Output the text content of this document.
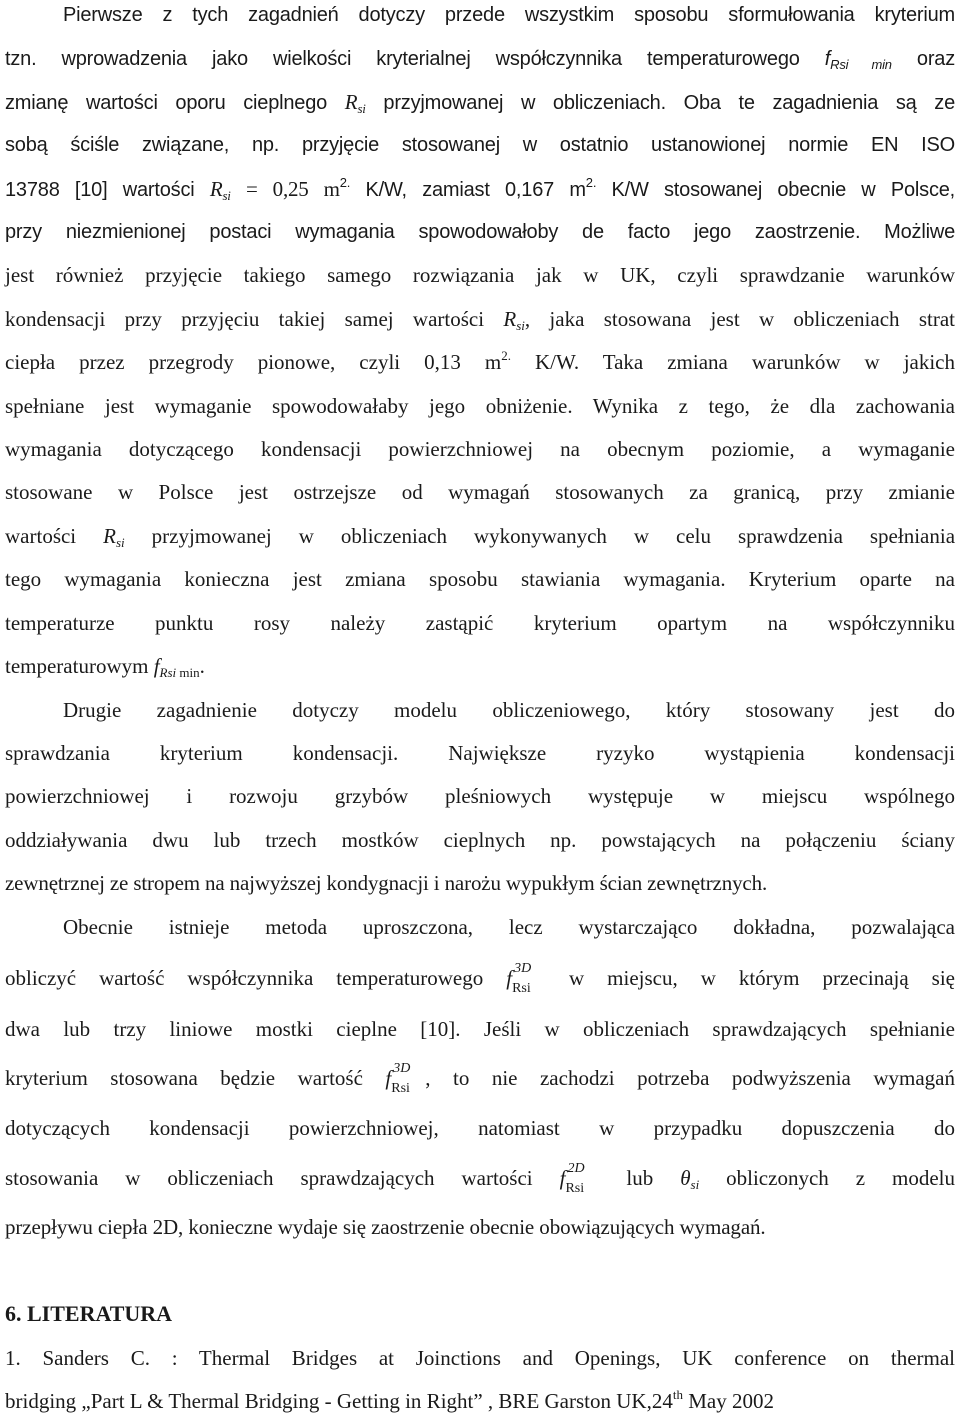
Pierwsze z tych zagadnień dotyczy przede wszystkim sposobu sformułowania kryterium
tzn. wprowadzenia jako wielkości kryterialnej współczynnika temperaturowego $f_{Rsi min}$ oraz
zmianę wartości oporu cieplnego $R_{si}$ przyjmowanej w obliczeniach. Oba te zagadnienia są ze
sobą ściśle związane, np. przyjęcie stosowanej w ostatnio ustanowionej normie EN ISO
13788 [10] wartości $R_{si} = 0,25$ $m^{2.}$ K/W, zamiast 0,167 $m^{2.}$ K/W stosowanej obecnie w Polsce,
przy niezmienionej postaci wymagania spowodowałoby de facto jego zaostrzenie. Możliwe
jest również przyjęcie takiego samego rozwiązania jak w UK, czyli sprawdzanie warunków
kondensacji przy przyjęciu takiej samej wartości $R_{si}$, jaka stosowana jest w obliczeniach strat
ciepła przez przegrody pionowe, czyli 0,13 $m^{2.}$ K/W. Taka zmiana warunków w jakich
spełniane jest wymaganie spowodowałaby jego obniżenie. Wynika z tego, że dla zachowania
wymagania dotyczącego kondensacji powierzchniowej na obecnym poziomie, a wymaganie
stosowane w Polsce jest ostrzejsze od wymagań stosowanych za granicą, przy zmianie
wartości $R_{si}$ przyjmowanej w obliczeniach wykonywanych w celu sprawdzenia spełniania
tego wymagania konieczna jest zmiana sposobu stawiania wymagania. Kryterium oparte na
temperaturze punktu rosy należy zastąpić kryterium opartym na współczynniku
temperaturowym $f_{Rsi min}$.
Drugie zagadnienie dotyczy modelu obliczeniowego, który stosowany jest do
sprawdzania kryterium kondensacji. Największe ryzyko wystąpienia kondensacji
powierzchniowej i rozwoju grzybów pleśniowych występuje w miejscu wspólnego
oddziaływania dwu lub trzech mostków cieplnych np. powstających na połączeniu ściany
zewnętrznej ze stropem na najwyższej kondygnacji i narożu wypukłym ścian zewnętrznych.
Obecnie istnieje metoda uproszczona, lecz wystarczająco dokładna, pozwalająca
obliczyć wartość współczynnika temperaturowego f 3D
Rsi w miejscu, w którym przecinają się
dwa lub trzy liniowe mostki cieplne [10]. Jeśli w obliczeniach sprawdzających spełnianie
kryterium stosowana będzie wartość f 3D
Rsi , to nie zachodzi potrzeba podwyższenia wymagań
dotyczących kondensacji powierzchniowej, natomiast w przypadku dopuszczenia do
stosowania w obliczeniach sprawdzających wartości f 2D
Rsi lub $\theta_{si}$ obliczonych z modelu
przepływu ciepła 2D, konieczne wydaje się zaostrzenie obecnie obowiązujących wymagań.
6. LITERATURA
1. Sanders C. : Thermal Bridges at Joinctions and Openings, UK conference on thermal
bridging „Part L & Thermal Bridging - Getting in Right” , BRE Garston UK,24th May 2002
